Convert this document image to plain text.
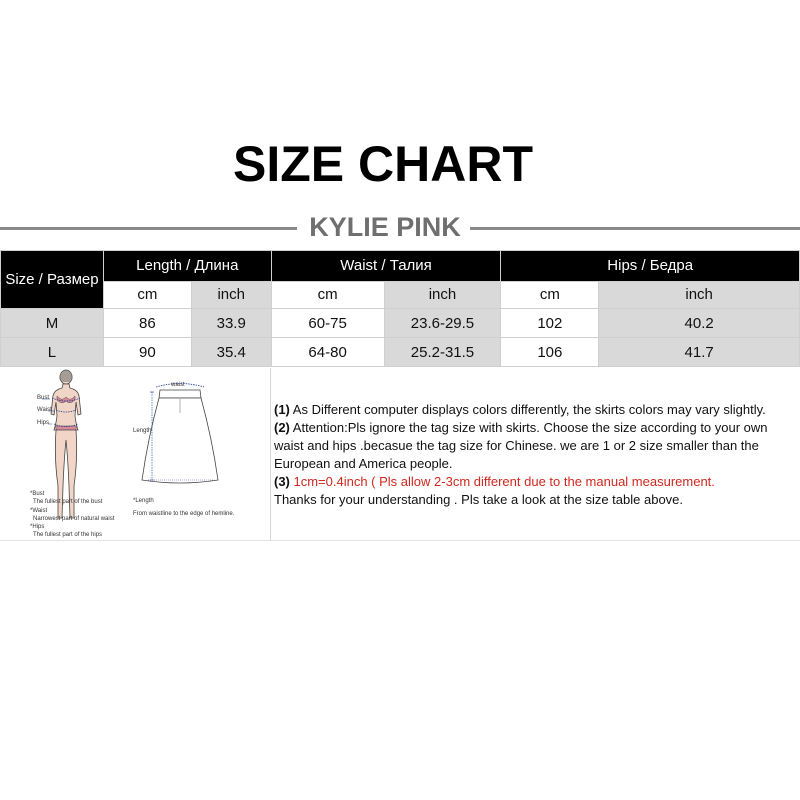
SIZE CHART
KYLIE PINK
Size / Размер	Length / Длина		Waist / Талия		Hips / Бедра	
	cm	inch	cm	inch	cm	inch
M	86	33.9	60-75	23.6-29.5	102	40.2
L	90	35.4	64-80	25.2-31.5	106	41.7
Bust
Waist
Hips
waist
Length
*Bust
The fullest part of the bust
*Waist
Narrowest part of natural waist
*Hips
The fullest part of the hips
*Length
From waistline to the edge of hemline.

(1) As Different computer displays colors differently, the skirts colors may vary slightly.

(2) Attention:Pls ignore the tag size with skirts. Choose the size according to your own waist and hips .becasue the tag size for Chinese. we are 1 or 2 size smaller than the European and America people.

(3) 1cm=0.4inch ( Pls allow 2-3cm different due to the manual measurement.

Thanks for your understanding . Pls take a look at the size table above.
